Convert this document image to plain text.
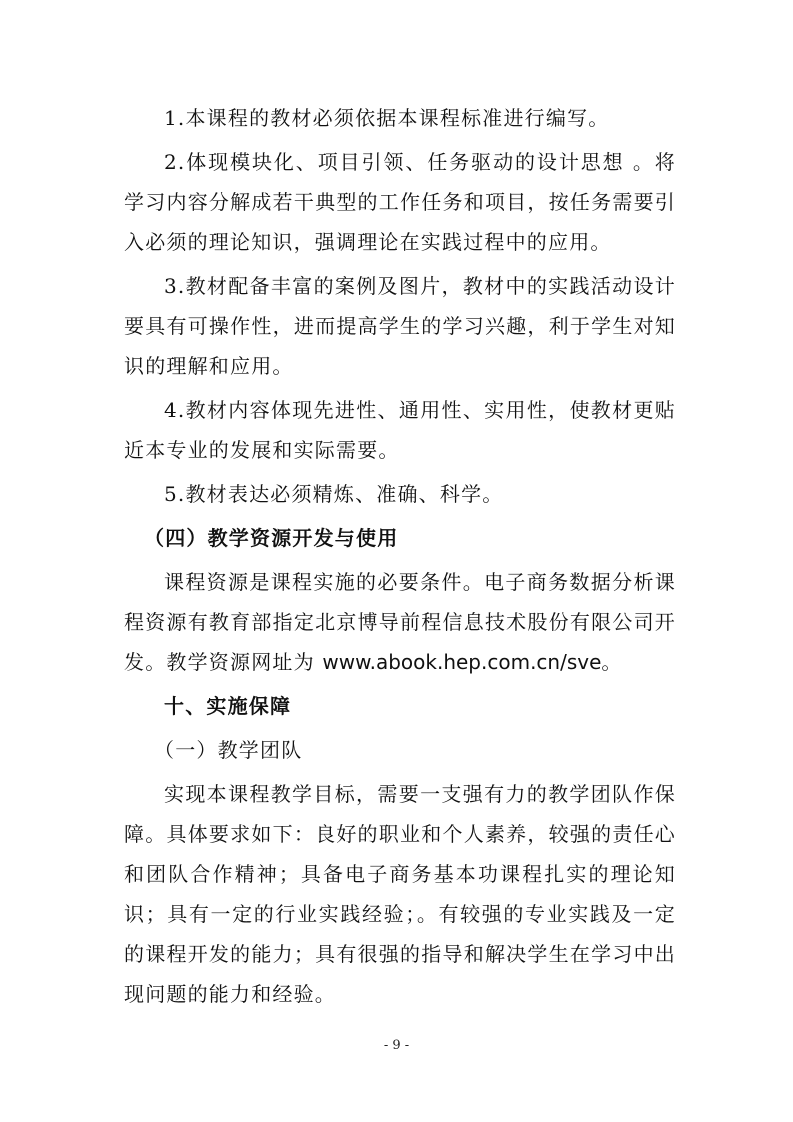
1.本课程的教材必须依据本课程标准进行编写。

2.体现模块化、项目引领、任务驱动的设计思想 。将学习内容分解成若干典型的工作任务和项目，按任务需要引入必须的理论知识，强调理论在实践过程中的应用。

3.教材配备丰富的案例及图片，教材中的实践活动设计要具有可操作性，进而提高学生的学习兴趣，利于学生对知识的理解和应用。

4.教材内容体现先进性、通用性、实用性，使教材更贴近本专业的发展和实际需要。

5.教材表达必须精炼、准确、科学。

（四）教学资源开发与使用

课程资源是课程实施的必要条件。电子商务数据分析课程资源有教育部指定北京博导前程信息技术股份有限公司开发。教学资源网址为 www.abook.hep.com.cn/sve。

十、实施保障

（一）教学团队

实现本课程教学目标，需要一支强有力的教学团队作保障。具体要求如下：良好的职业和个人素养，较强的责任心和团队合作精神；具备电子商务基本功课程扎实的理论知识；具有一定的行业实践经验；。有较强的专业实践及一定的课程开发的能力；具有很强的指导和解决学生在学习中出现问题的能力和经验。

- 9 -
